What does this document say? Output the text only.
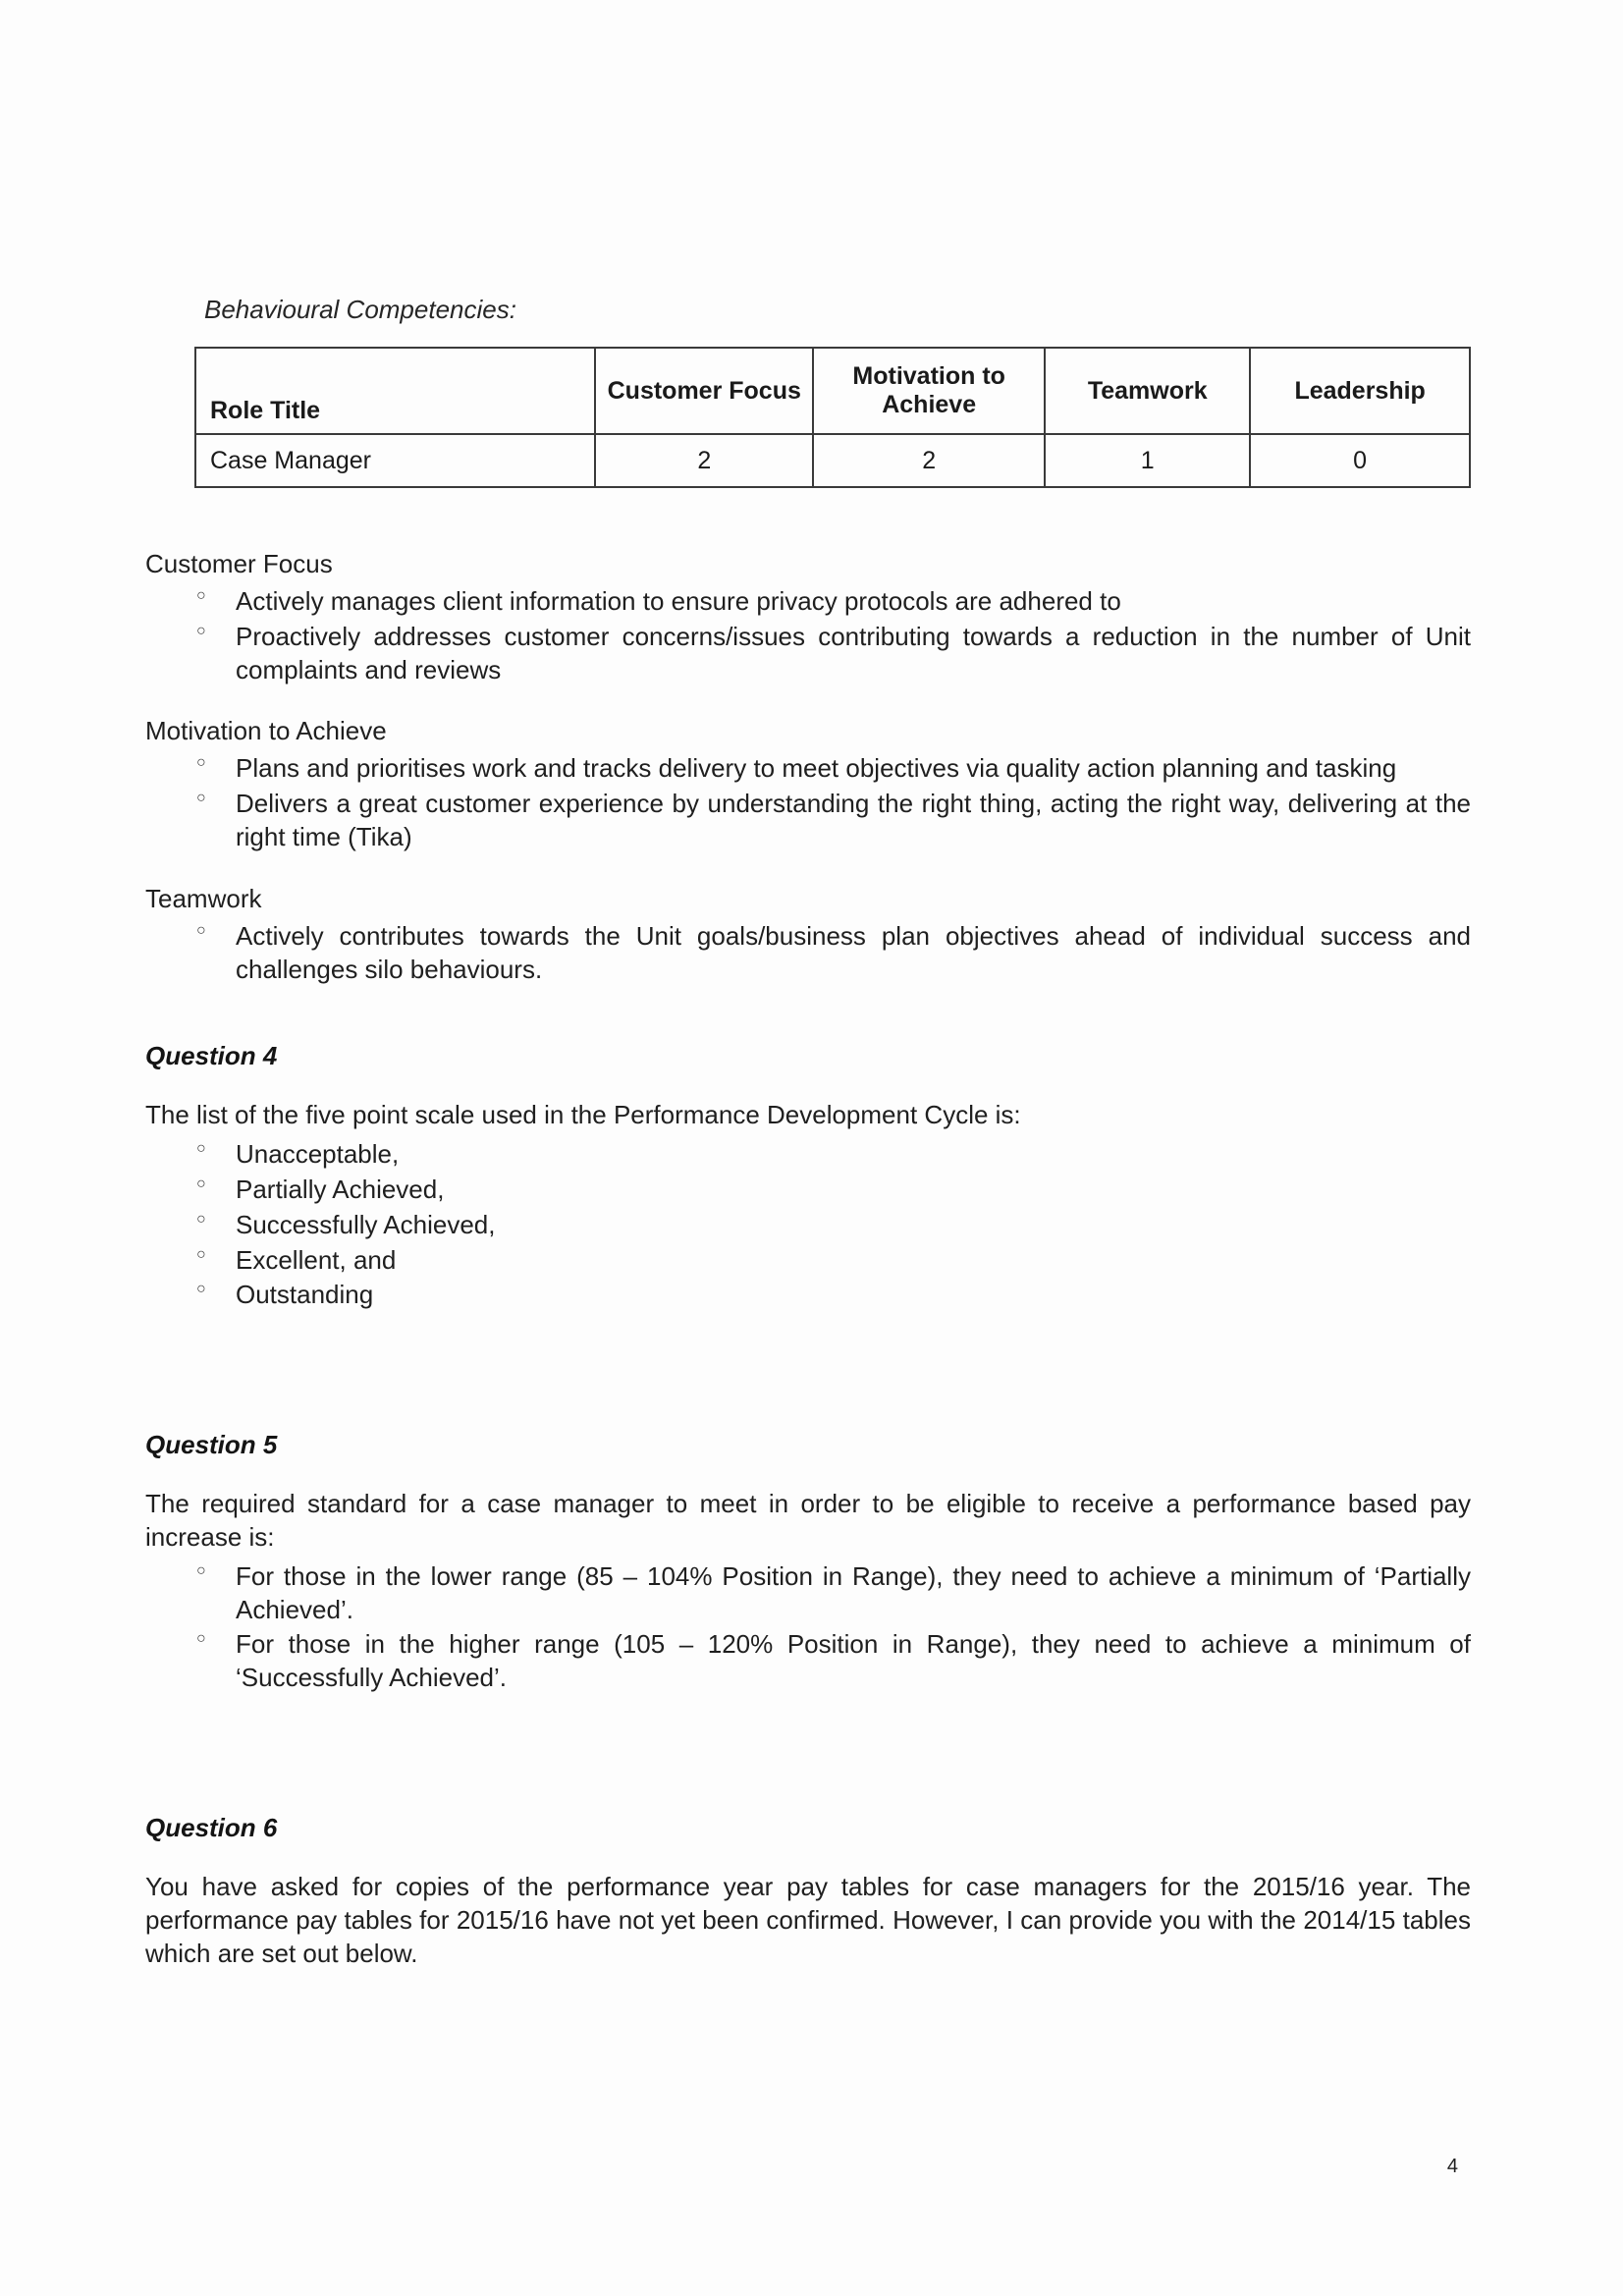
Behavioural Competencies:
Role Title	Customer Focus	Motivation to Achieve	Teamwork	Leadership
Case Manager	2	2	1	0
Customer Focus
○ Actively manages client information to ensure privacy protocols are adhered to
○ Proactively addresses customer concerns/issues contributing towards a reduction in the number of Unit complaints and reviews
Motivation to Achieve
○ Plans and prioritises work and tracks delivery to meet objectives via quality action planning and tasking
○ Delivers a great customer experience by understanding the right thing, acting the right way, delivering at the right time (Tika)
Teamwork
○ Actively contributes towards the Unit goals/business plan objectives ahead of individual success and challenges silo behaviours.
Question 4

The list of the five point scale used in the Performance Development Cycle is:

○ Unacceptable,
○ Partially Achieved,
○ Successfully Achieved,
○ Excellent, and
○ Outstanding
Question 5

The required standard for a case manager to meet in order to be eligible to receive a performance based pay increase is:

○ For those in the lower range (85 – 104% Position in Range), they need to achieve a minimum of ‘Partially Achieved’.
○ For those in the higher range (105 – 120% Position in Range), they need to achieve a minimum of ‘Successfully Achieved’.
Question 6

You have asked for copies of the performance year pay tables for case managers for the 2015/16 year. The performance pay tables for 2015/16 have not yet been confirmed. However, I can provide you with the 2014/15 tables which are set out below.

4
